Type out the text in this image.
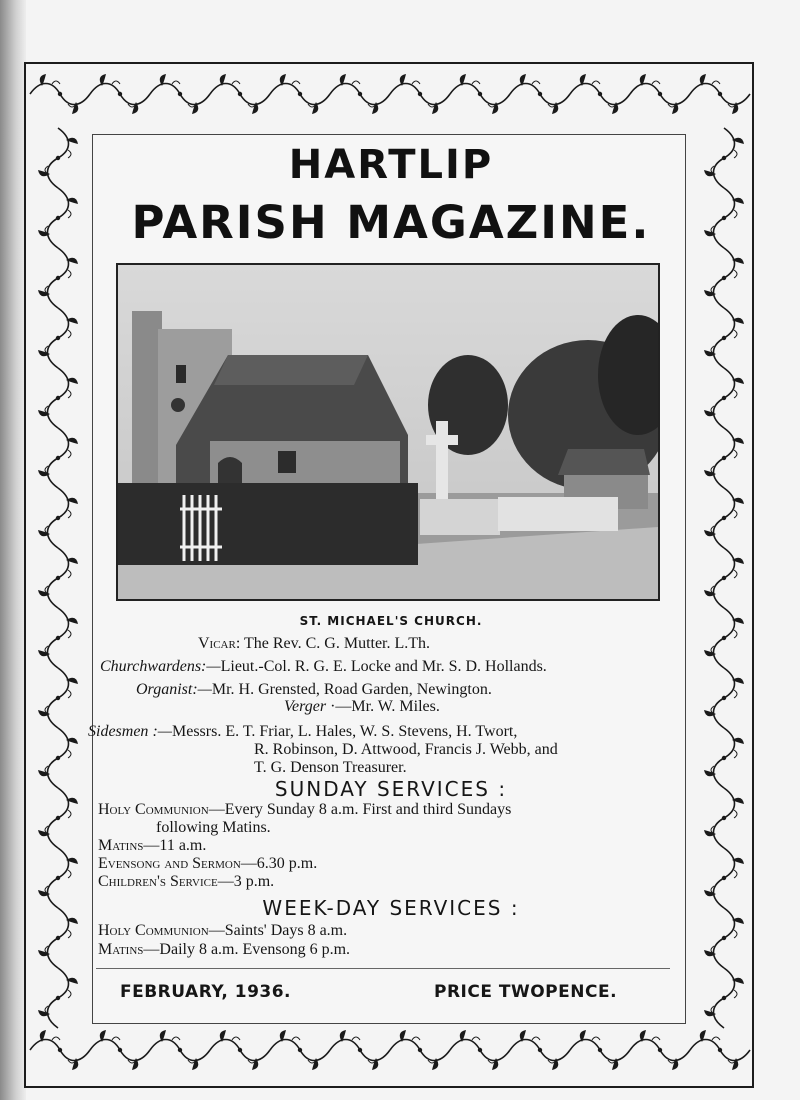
HARTLIP
PARISH MAGAZINE.
ST. MICHAEL'S CHURCH.
Vicar: The Rev. C. G. Mutter. L.Th.
Churchwardens:—Lieut.-Col. R. G. E. Locke and Mr. S. D. Hollands.
Organist:—Mr. H. Grensted, Road Garden, Newington.
Verger ·—Mr. W. Miles.
Sidesmen :—Messrs. E. T. Friar, L. Hales, W. S. Stevens, H. Twort,
R. Robinson, D. Attwood, Francis J. Webb, and
T. G. Denson Treasurer.
SUNDAY SERVICES :
Holy Communion—Every Sunday 8 a.m. First and third Sundays
following Matins.
Matins—11 a.m.
Evensong and Sermon—6.30 p.m.
Children's Service—3 p.m.
WEEK-DAY SERVICES :
Holy Communion—Saints' Days 8 a.m.
Matins—Daily 8 a.m. Evensong 6 p.m.
FEBRUARY, 1936.	PRICE TWOPENCE.
